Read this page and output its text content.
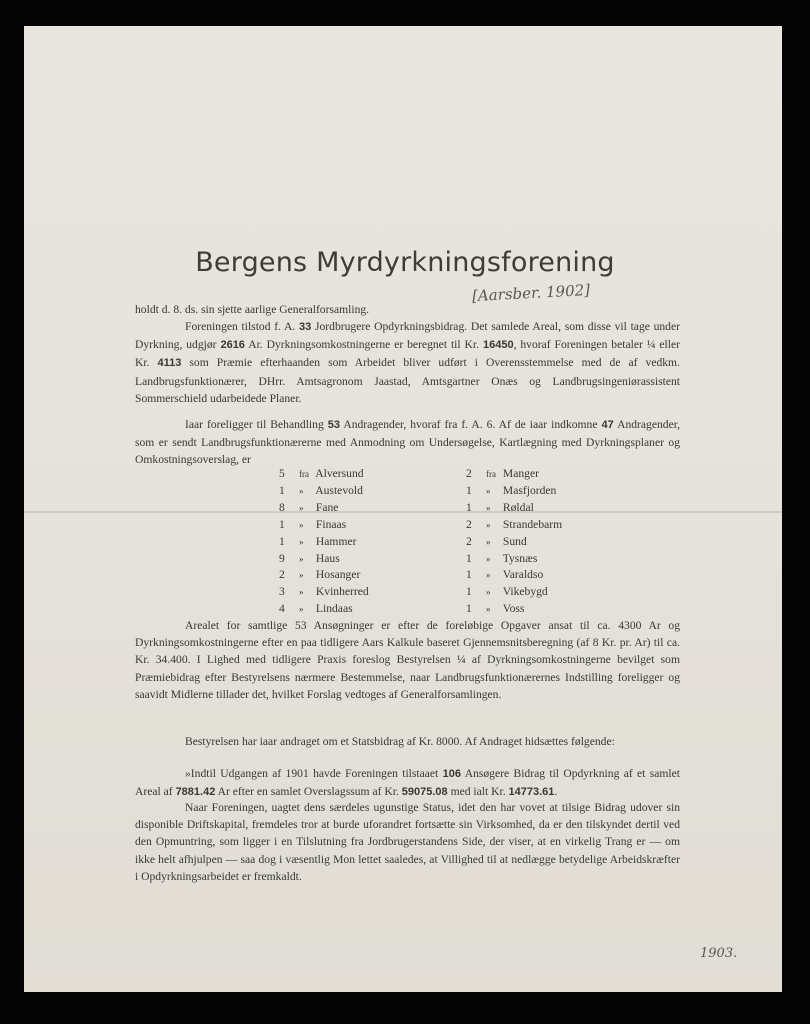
Bergens Myrdyrkningsforening
[Aarsber. 1902]

holdt d. 8. ds. sin sjette aarlige Generalforsamling.

Foreningen tilstod f. A. 33 Jordbrugere Opdyrkningsbidrag. Det samlede Areal, som disse vil tage under Dyrkning, udgjør 2616 Ar. Dyrkningsomkostningerne er beregnet til Kr. 16450, hvoraf Foreningen betaler ¼ eller Kr. 4113 som Præmie efterhaanden som Arbeidet bliver udført i Overensstemmelse med de af vedkm. Landbrugsfunktionærer, DHrr. Amtsagronom Jaastad, Amtsgartner Onæs og Landbrugsingeniørassistent Sommerschield udarbeidede Planer.

Iaar foreligger til Behandling 53 Andragender, hvoraf fra f. A. 6. Af de iaar indkomne 47 Andragender, som er sendt Landbrugsfunktionærerne med Anmodning om Undersøgelse, Kartlægning med Dyrkningsplaner og Omkostningsoverslag, er

5 fra Alversund
1 » Austevold
8 » Fane
1 » Finaas
1 » Hammer
9 » Haus
2 » Hosanger
3 » Kvinherred
4 » Lindaas
2 fra Manger
1 » Masfjorden
1 » Røldal
2 » Strandebarm
2 » Sund
1 » Tysnæs
1 » Varaldso
1 » Vikebygd
1 » Voss

Arealet for samtlige 53 Ansøgninger er efter de foreløbige Opgaver ansat til ca. 4300 Ar og Dyrkningsomkostningerne efter en paa tidligere Aars Kalkule baseret Gjennemsnitsberegning (af 8 Kr. pr. Ar) til ca. Kr. 34.400. I Lighed med tidligere Praxis foreslog Bestyrelsen ¼ af Dyrkningsomkostningerne bevilget som Præmiebidrag efter Bestyrelsens nærmere Bestemmelse, naar Landbrugsfunktionærernes Indstilling foreligger og saavidt Midlerne tillader det, hvilket Forslag vedtoges af Generalforsamlingen.

Bestyrelsen har iaar andraget om et Statsbidrag af Kr. 8000. Af Andraget hidsættes følgende:

»Indtil Udgangen af 1901 havde Foreningen tilstaaet 106 Ansøgere Bidrag til Opdyrkning af et samlet Areal af 7881.42 Ar efter en samlet Overslagssum af Kr. 59075.08 med ialt Kr. 14773.61.

Naar Foreningen, uagtet dens særdeles ugunstige Status, idet den har vovet at tilsige Bidrag udover sin disponible Driftskapital, fremdeles tror at burde uforandret fortsætte sin Virksomhed, da er den tilskyndet dertil ved den Opmuntring, som ligger i en Tilslutning fra Jordbrugerstandens Side, der viser, at en virkelig Trang er — om ikke helt afhjulpen — saa dog i væsentlig Mon lettet saaledes, at Villighed til at nedlægge betydelige Arbeidskræfter i Opdyrkningsarbeidet er fremkaldt.

1903.
